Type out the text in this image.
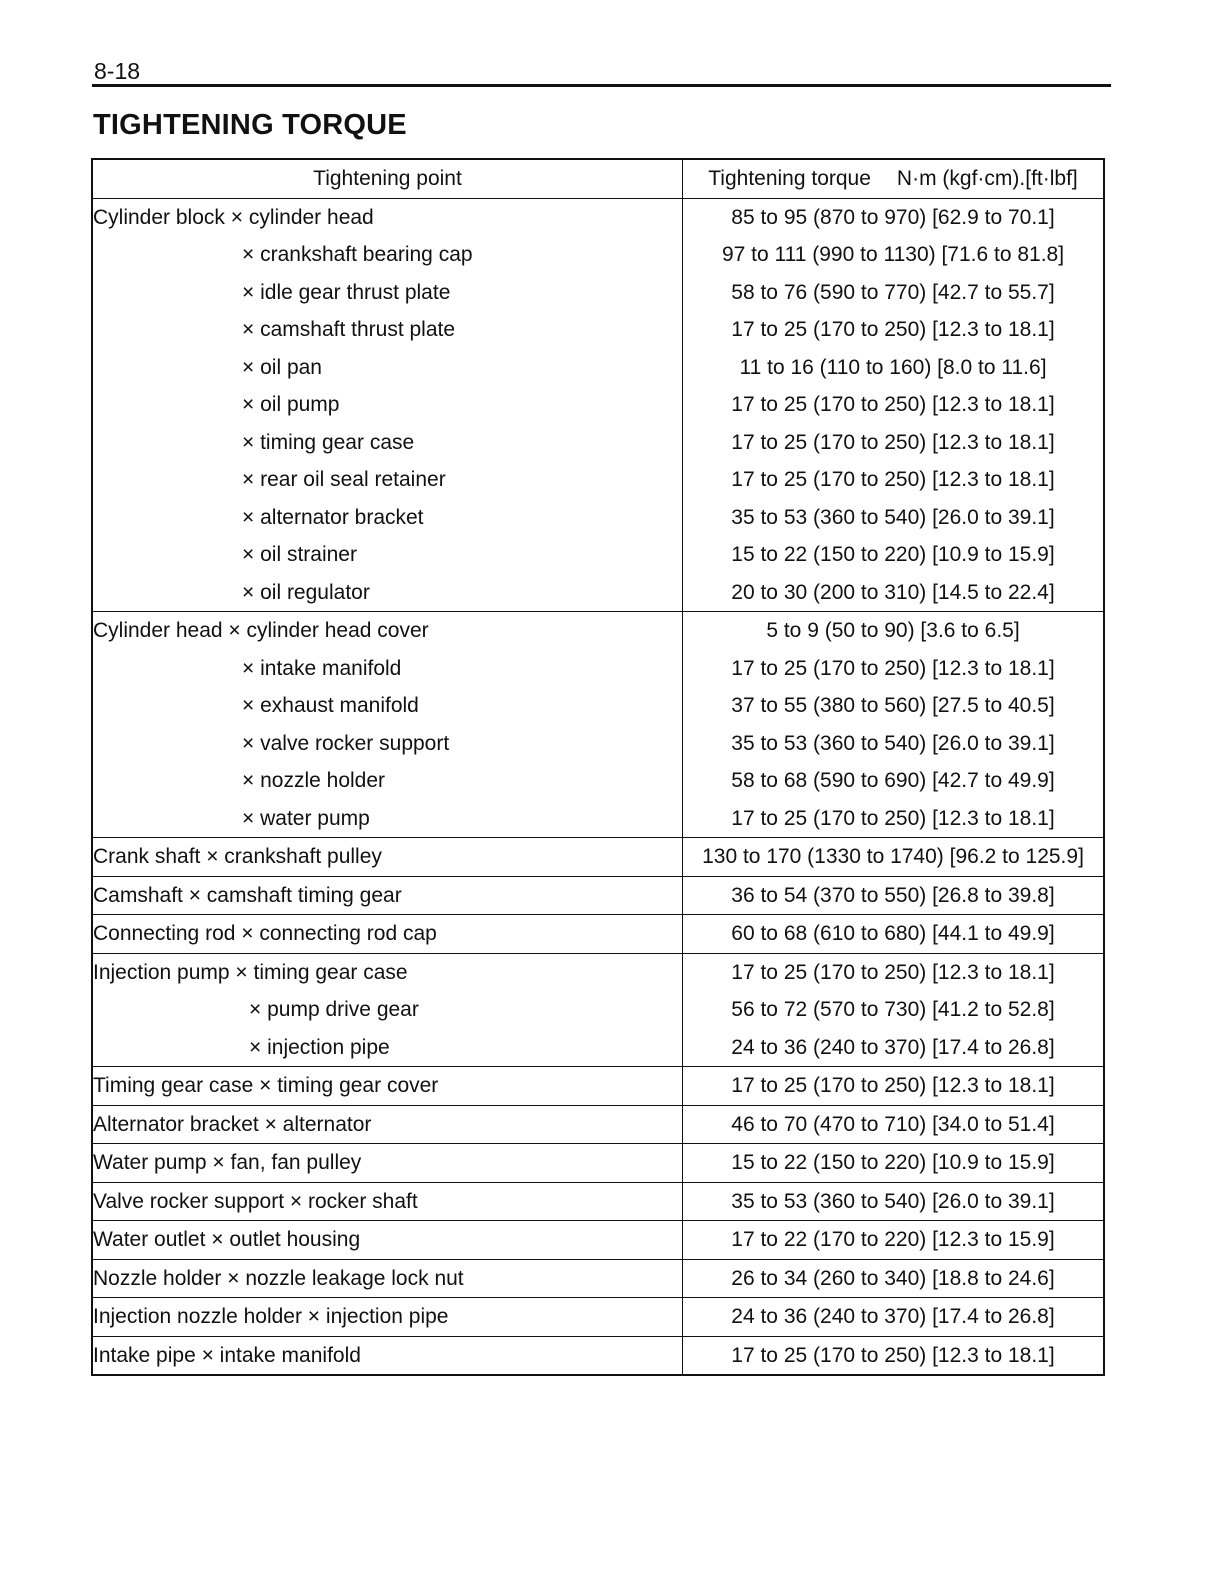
8-18
TIGHTENING TORQUE
Tightening point	Tightening torque N·m (kgf·cm).[ft·lbf]
Cylinder block × cylinder head	85 to 95 (870 to 970) [62.9 to 70.1]
× crankshaft bearing cap	97 to 111 (990 to 1130) [71.6 to 81.8]
× idle gear thrust plate	58 to 76 (590 to 770) [42.7 to 55.7]
× camshaft thrust plate	17 to 25 (170 to 250) [12.3 to 18.1]
× oil pan	11 to 16 (110 to 160) [8.0 to 11.6]
× oil pump	17 to 25 (170 to 250) [12.3 to 18.1]
× timing gear case	17 to 25 (170 to 250) [12.3 to 18.1]
× rear oil seal retainer	17 to 25 (170 to 250) [12.3 to 18.1]
× alternator bracket	35 to 53 (360 to 540) [26.0 to 39.1]
× oil strainer	15 to 22 (150 to 220) [10.9 to 15.9]
× oil regulator	20 to 30 (200 to 310) [14.5 to 22.4]
Cylinder head × cylinder head cover	5 to 9 (50 to 90) [3.6 to 6.5]
× intake manifold	17 to 25 (170 to 250) [12.3 to 18.1]
× exhaust manifold	37 to 55 (380 to 560) [27.5 to 40.5]
× valve rocker support	35 to 53 (360 to 540) [26.0 to 39.1]
× nozzle holder	58 to 68 (590 to 690) [42.7 to 49.9]
× water pump	17 to 25 (170 to 250) [12.3 to 18.1]
Crank shaft × crankshaft pulley	130 to 170 (1330 to 1740) [96.2 to 125.9]
Camshaft × camshaft timing gear	36 to 54 (370 to 550) [26.8 to 39.8]
Connecting rod × connecting rod cap	60 to 68 (610 to 680) [44.1 to 49.9]
Injection pump × timing gear case	17 to 25 (170 to 250) [12.3 to 18.1]
× pump drive gear	56 to 72 (570 to 730) [41.2 to 52.8]
× injection pipe	24 to 36 (240 to 370) [17.4 to 26.8]
Timing gear case × timing gear cover	17 to 25 (170 to 250) [12.3 to 18.1]
Alternator bracket × alternator	46 to 70 (470 to 710) [34.0 to 51.4]
Water pump × fan, fan pulley	15 to 22 (150 to 220) [10.9 to 15.9]
Valve rocker support × rocker shaft	35 to 53 (360 to 540) [26.0 to 39.1]
Water outlet × outlet housing	17 to 22 (170 to 220) [12.3 to 15.9]
Nozzle holder × nozzle leakage lock nut	26 to 34 (260 to 340) [18.8 to 24.6]
Injection nozzle holder × injection pipe	24 to 36 (240 to 370) [17.4 to 26.8]
Intake pipe × intake manifold	17 to 25 (170 to 250) [12.3 to 18.1]
